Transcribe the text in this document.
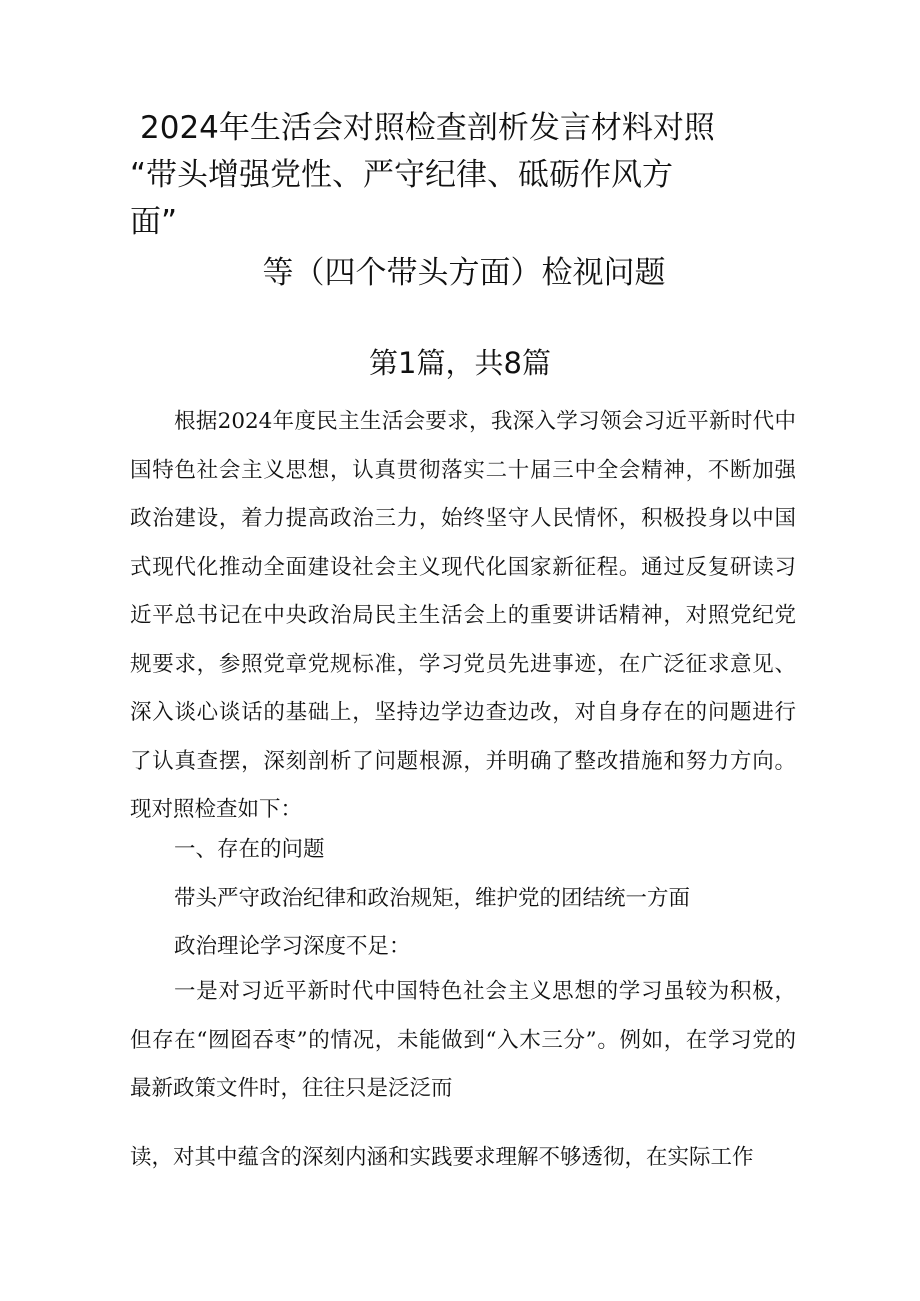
2024年生活会对照检查剖析发言材料对照
“带头增强党性、严守纪律、砥砺作风方
面”
等（四个带头方面）检视问题
第1篇，共8篇

根据2024年度民主生活会要求，我深入学习领会习近平新时代中国特色社会主义思想，认真贯彻落实二十届三中全会精神，不断加强政治建设，着力提高政治三力，始终坚守人民情怀，积极投身以中国式现代化推动全面建设社会主义现代化国家新征程。通过反复研读习近平总书记在中央政治局民主生活会上的重要讲话精神，对照党纪党规要求，参照党章党规标准，学习党员先进事迹，在广泛征求意见、深入谈心谈话的基础上，坚持边学边查边改，对自身存在的问题进行了认真查摆，深刻剖析了问题根源，并明确了整改措施和努力方向。现对照检查如下：

一、存在的问题

带头严守政治纪律和政治规矩，维护党的团结统一方面

政治理论学习深度不足：

一是对习近平新时代中国特色社会主义思想的学习虽较为积极，但存在“囫囵吞枣”的情况，未能做到“入木三分”。例如，在学习党的最新政策文件时，往往只是泛泛而

读，对其中蕴含的深刻内涵和实践要求理解不够透彻，在实际工作
